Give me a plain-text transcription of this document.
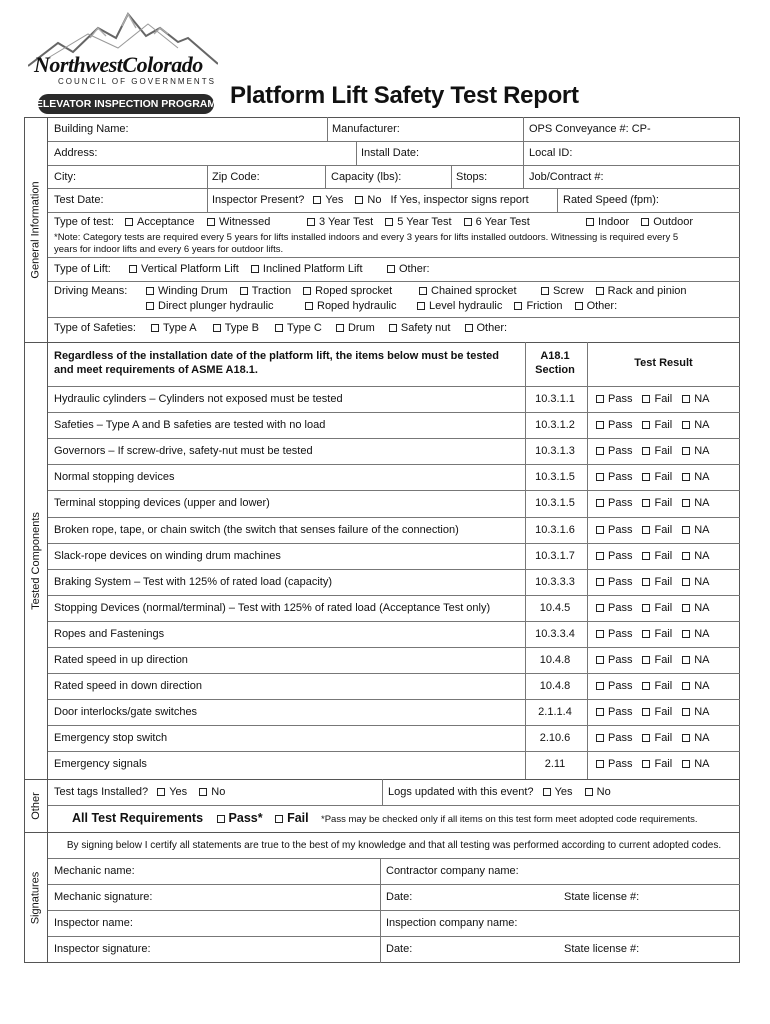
NorthwestColorado
COUNCIL OF GOVERNMENTS
ELEVATOR INSPECTION PROGRAM Platform Lift Safety Test Report
General Information
Tested Components
Other
Signatures
Building Name:	Manufacturer:	OPS Conveyance #: CP-
Address:	Install Date:	Local ID:
City:	Zip Code:	Capacity (lbs):	Stops:	Job/Contract #:
Test Date:	Inspector Present? Yes No If Yes, inspector signs report	Rated Speed (fpm):
Type of test:	Acceptance	Witnessed	3 Year Test 5 Year Test 6 Year Test	Indoor Outdoor
*Note: Category tests are required every 5 years for lifts installed indoors and every 3 years for lifts installed outdoors. Witnessing is required every 5
years for indoor lifts and every 6 years for outdoor lifts.
Type of Lift:	Vertical Platform Lift Inclined Platform Lift	Other:
Driving Means:	Winding Drum Traction Roped sprocket	Chained sprocket	Screw Rack and pinion
Direct plunger hydraulic	Roped hydraulic	Level hydraulic Friction Other:
Type of Safeties:	Type A	Type B	Type C Drum Safety nut Other:
Regardless of the installation date of the platform lift, the items below must be tested
and meet requirements of ASME A18.1.
A18.1
Section
Test Result
Hydraulic cylinders – Cylinders not exposed must be tested	10.3.1.1	Pass Fail NA
Safeties – Type A and B safeties are tested with no load	10.3.1.2	Pass Fail NA
Governors – If screw-drive, safety-nut must be tested	10.3.1.3	Pass Fail NA
Normal stopping devices	10.3.1.5	Pass Fail NA
Terminal stopping devices (upper and lower)	10.3.1.5	Pass Fail NA
Broken rope, tape, or chain switch (the switch that senses failure of the connection)	10.3.1.6	Pass Fail NA
Slack-rope devices on winding drum machines	10.3.1.7	Pass Fail NA
Braking System – Test with 125% of rated load (capacity)	10.3.3.3	Pass Fail NA
Stopping Devices (normal/terminal) – Test with 125% of rated load (Acceptance Test only)	10.4.5	Pass Fail NA
Ropes and Fastenings	10.3.3.4	Pass Fail NA
Rated speed in up direction	10.4.8	Pass Fail NA
Rated speed in down direction	10.4.8	Pass Fail NA
Door interlocks/gate switches	2.1.1.4	Pass Fail NA
Emergency stop switch	2.10.6	Pass Fail NA
Emergency signals	2.11	Pass Fail NA
Test tags Installed? Yes No	Logs updated with this event? Yes No
All Test Requirements Pass* Fail *Pass may be checked only if all items on this test form meet adopted code requirements.
By signing below I certify all statements are true to the best of my knowledge and that all testing was performed according to current adopted codes.
Mechanic name:	Contractor company name:
Mechanic signature:	Date:	State license #:
Inspector name:	Inspection company name:
Inspector signature:	Date:	State license #:
